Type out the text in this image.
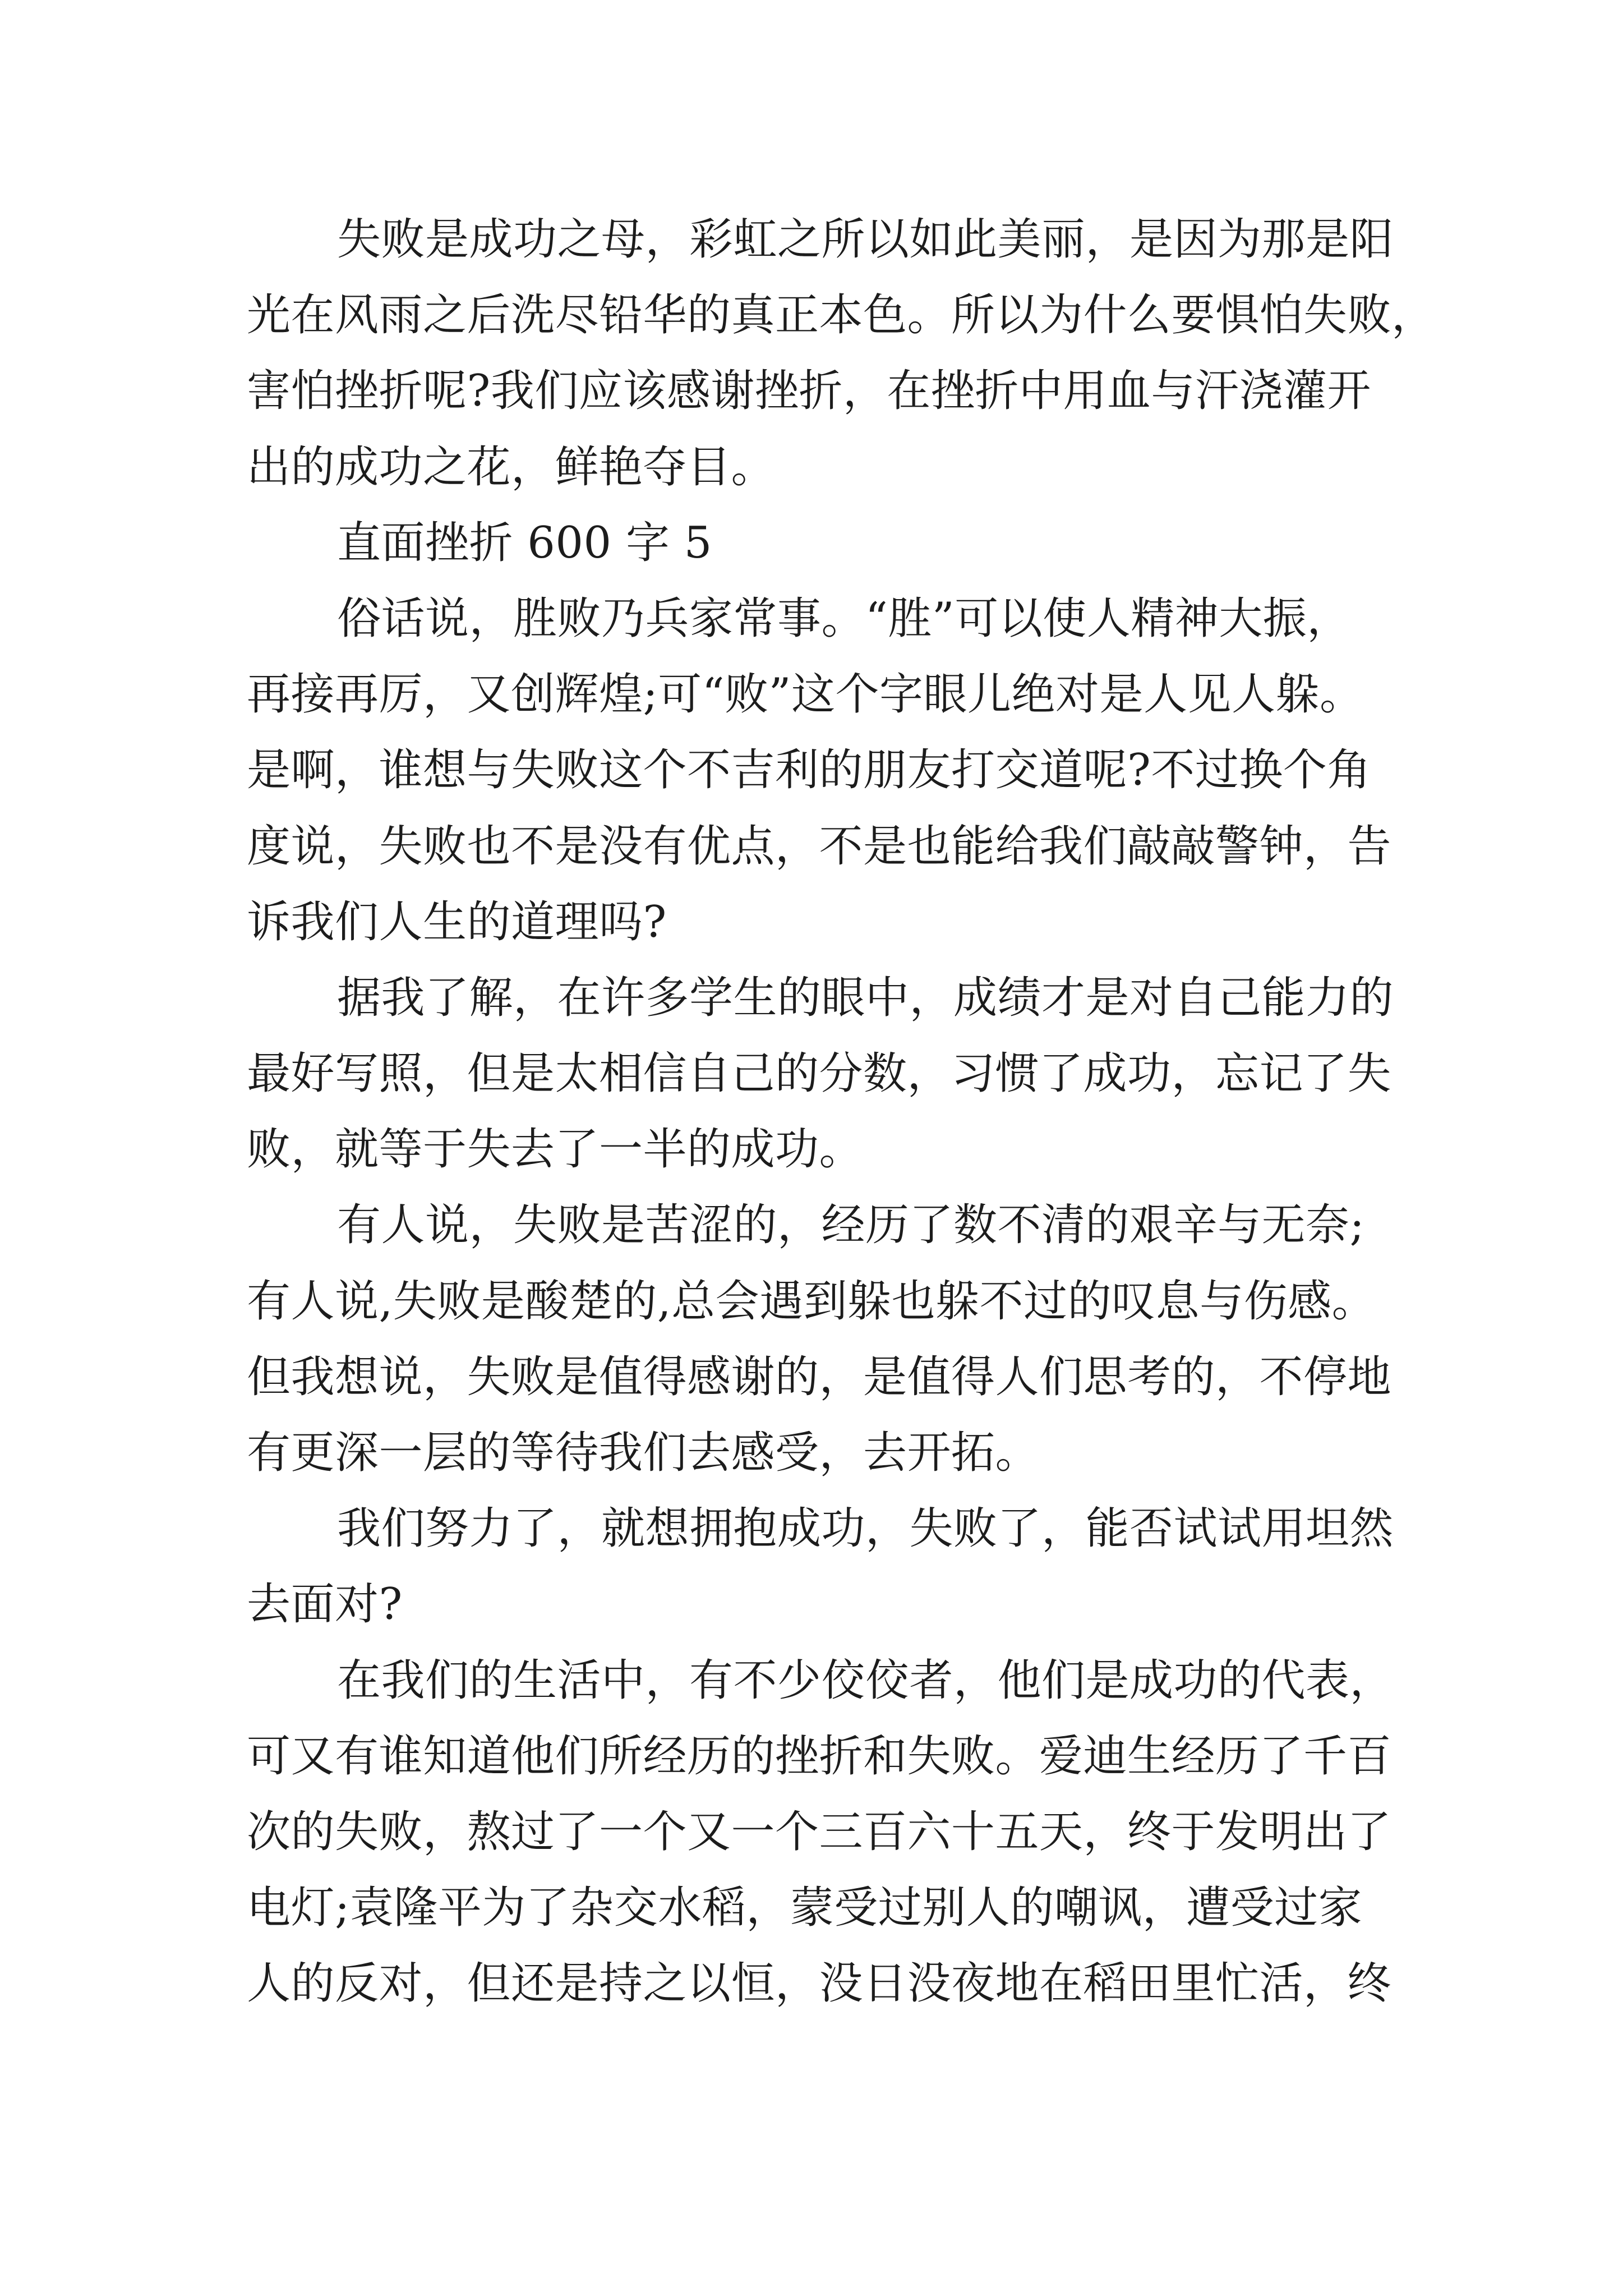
失败是成功之母，彩虹之所以如此美丽，是因为那是阳
光在风雨之后洗尽铅华的真正本色。所以为什么要惧怕失败，
害怕挫折呢?我们应该感谢挫折，在挫折中用血与汗浇灌开
出的成功之花，鲜艳夺目。
直面挫折 600 字 5
俗话说，胜败乃兵家常事。“胜”可以使人精神大振，
再接再厉，又创辉煌;可“败”这个字眼儿绝对是人见人躲。
是啊，谁想与失败这个不吉利的朋友打交道呢?不过换个角
度说，失败也不是没有优点，不是也能给我们敲敲警钟，告
诉我们人生的道理吗?
据我了解，在许多学生的眼中，成绩才是对自己能力的
最好写照，但是太相信自己的分数，习惯了成功，忘记了失
败，就等于失去了一半的成功。
有人说，失败是苦涩的，经历了数不清的艰辛与无奈;
有人说,失败是酸楚的,总会遇到躲也躲不过的叹息与伤感。
但我想说，失败是值得感谢的，是值得人们思考的，不停地
有更深一层的等待我们去感受，去开拓。
我们努力了，就想拥抱成功，失败了，能否试试用坦然
去面对?
在我们的生活中，有不少佼佼者，他们是成功的代表，
可又有谁知道他们所经历的挫折和失败。爱迪生经历了千百
次的失败，熬过了一个又一个三百六十五天，终于发明出了
电灯;袁隆平为了杂交水稻，蒙受过别人的嘲讽，遭受过家
人的反对，但还是持之以恒，没日没夜地在稻田里忙活，终
